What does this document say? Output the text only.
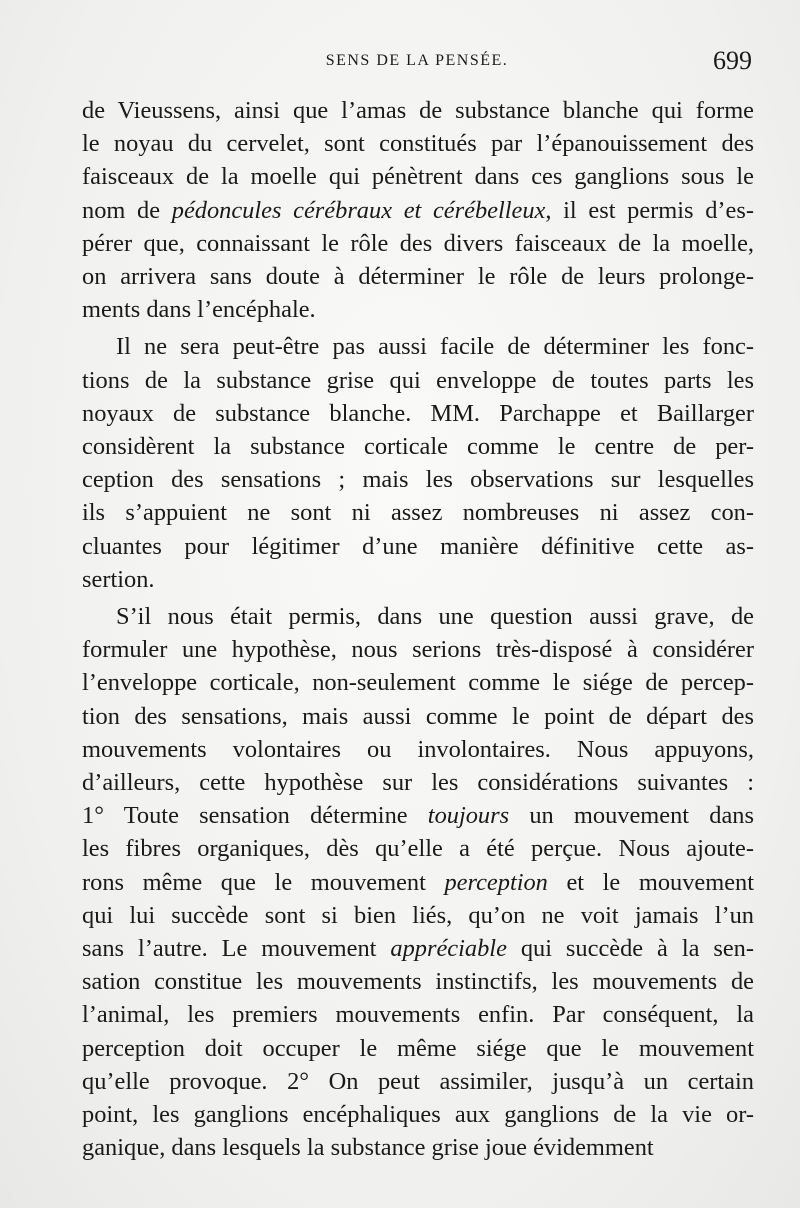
SENS DE LA PENSÉE.	699

de Vieussens, ainsi que l’amas de substance blanche qui forme
le noyau du cervelet, sont constitués par l’épanouissement des
faisceaux de la moelle qui pénètrent dans ces ganglions sous le
nom de pédoncules cérébraux et cérébelleux, il est permis d’es-
pérer que, connaissant le rôle des divers faisceaux de la moelle,
on arrivera sans doute à déterminer le rôle de leurs prolonge-
ments dans l’encéphale.

Il ne sera peut-être pas aussi facile de déterminer les fonc-
tions de la substance grise qui enveloppe de toutes parts les
noyaux de substance blanche. MM. Parchappe et Baillarger
considèrent la substance corticale comme le centre de per-
ception des sensations ; mais les observations sur lesquelles
ils s’appuient ne sont ni assez nombreuses ni assez con-
cluantes pour légitimer d’une manière définitive cette as-
sertion.

S’il nous était permis, dans une question aussi grave, de
formuler une hypothèse, nous serions très-disposé à considérer
l’enveloppe corticale, non-seulement comme le siége de percep-
tion des sensations, mais aussi comme le point de départ des
mouvements volontaires ou involontaires. Nous appuyons,
d’ailleurs, cette hypothèse sur les considérations suivantes :
1° Toute sensation détermine toujours un mouvement dans
les fibres organiques, dès qu’elle a été perçue. Nous ajoute-
rons même que le mouvement perception et le mouvement
qui lui succède sont si bien liés, qu’on ne voit jamais l’un
sans l’autre. Le mouvement appréciable qui succède à la sen-
sation constitue les mouvements instinctifs, les mouvements de
l’animal, les premiers mouvements enfin. Par conséquent, la
perception doit occuper le même siége que le mouvement
qu’elle provoque. 2° On peut assimiler, jusqu’à un certain
point, les ganglions encéphaliques aux ganglions de la vie or-
ganique, dans lesquels la substance grise joue évidemment
